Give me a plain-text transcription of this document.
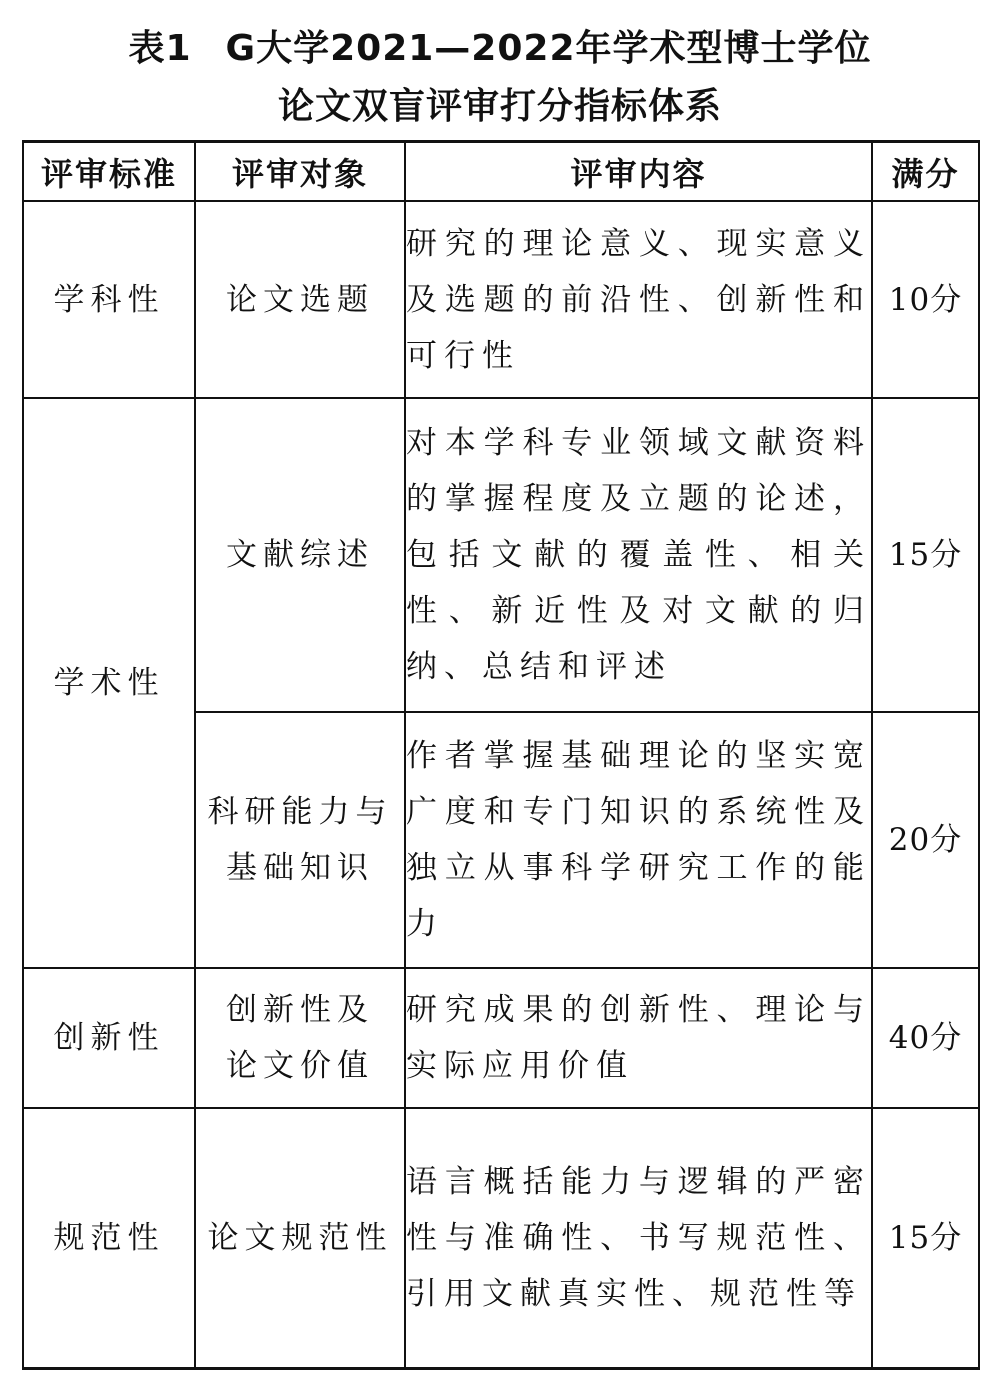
表1 G大学2021—2022年学术型博士学位
论文双盲评审打分指标体系
评审标准	评审对象	评审内容	满分
学科性	论文选题	研究的理论意义、现实意义及选题的前沿性、创新性和可行性	10分
学术性	文献综述	对本学科专业领域文献资料的掌握程度及立题的论述，包括文献的覆盖性、相关性、新近性及对文献的归纳、总结和评述	15分
	科研能力与基础知识	作者掌握基础理论的坚实宽广度和专门知识的系统性及独立从事科学研究工作的能力	20分
创新性	创新性及论文价值	研究成果的创新性、理论与实际应用价值	40分
规范性	论文规范性	语言概括能力与逻辑的严密性与准确性、书写规范性、引用文献真实性、规范性等	15分
